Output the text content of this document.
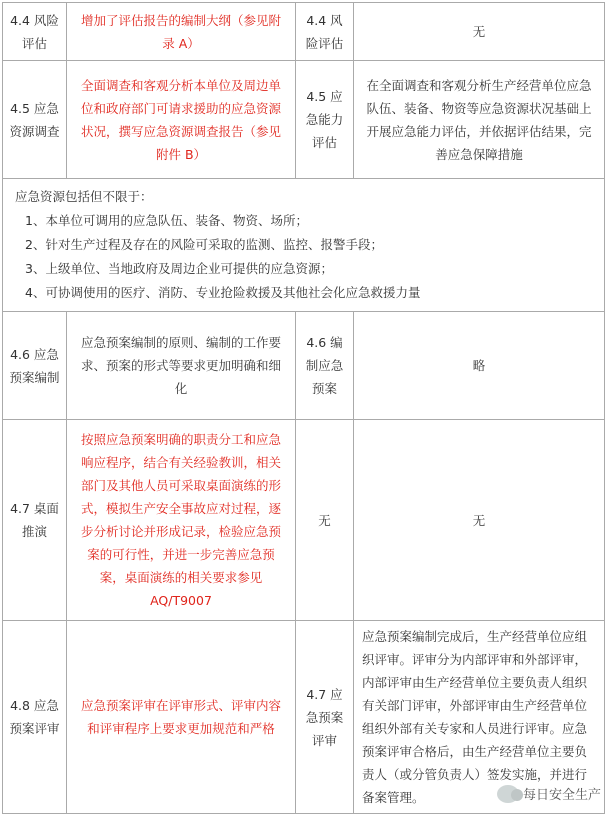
4.4 风险评估	增加了评估报告的编制大纲（参见附录 A）	4.4 风险评估	无
4.5 应急资源调查	全面调查和客观分析本单位及周边单位和政府部门可请求援助的应急资源状况，撰写应急资源调查报告（参见附件 B）	4.5 应急能力评估	在全面调查和客观分析生产经营单位应急队伍、装备、物资等应急资源状况基础上开展应急能力评估，并依据评估结果，完善应急保障措施

应急资源包括但不限于：
1、本单位可调用的应急队伍、装备、物资、场所；
2、针对生产过程及存在的风险可采取的监测、监控、报警手段；
3、上级单位、当地政府及周边企业可提供的应急资源；
4、可协调使用的医疗、消防、专业抢险救援及其他社会化应急救援力量			

4.6 应急预案编制	应急预案编制的原则、编制的工作要求、预案的形式等要求更加明确和细化	4.6 编制应急预案	略
4.7 桌面推演	按照应急预案明确的职责分工和应急响应程序，结合有关经验教训，相关部门及其他人员可采取桌面演练的形式，模拟生产安全事故应对过程，逐步分析讨论并形成记录，检验应急预案的可行性，并进一步完善应急预案，桌面演练的相关要求参见 AQ/T9007	无	无
4.8 应急预案评审	应急预案评审在评审形式、评审内容和评审程序上要求更加规范和严格	4.7 应急预案评审	应急预案编制完成后，生产经营单位应组织评审。评审分为内部评审和外部评审，内部评审由生产经营单位主要负责人组织有关部门评审，外部评审由生产经营单位组织外部有关专家和人员进行评审。应急预案评审合格后，由生产经营单位主要负责人（或分管负责人）签发实施，并进行备案管理。	每日安全生产
